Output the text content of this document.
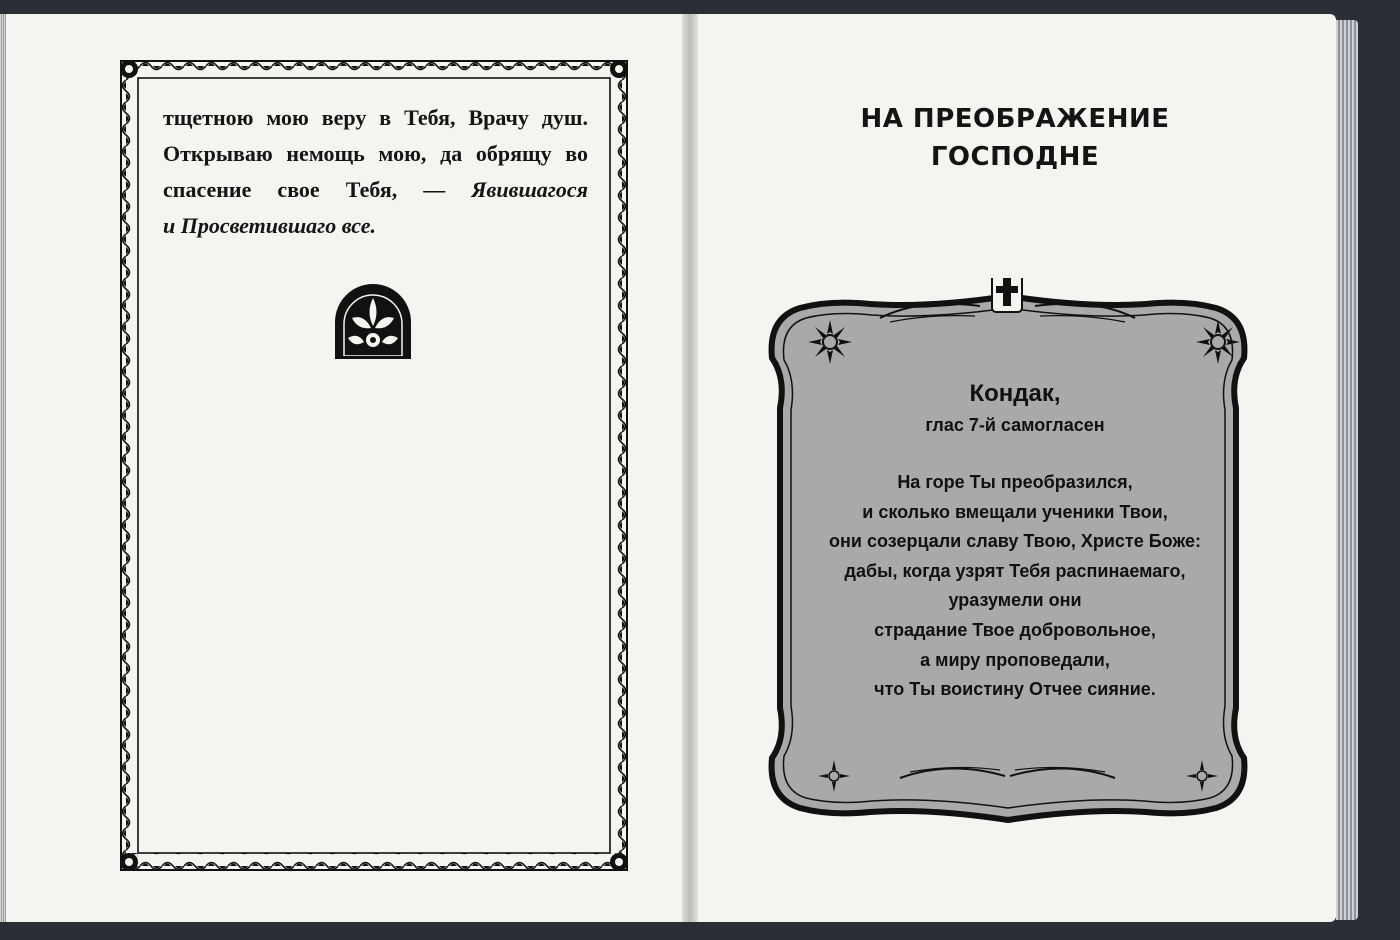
тщетною мою веру в Тебя, Врачу душ.
Открываю немощь мою, да обрящу во
спасение свое Тебя, — Явившагося
и Просветившаго все.
НА ПРЕОБРАЖЕНИЕ
ГОСПОДНЕ
Кондак,
глас 7-й самогласен
На горе Ты преобразился,
и сколько вмещали ученики Твои,
они созерцали славу Твою, Христе Боже:
дабы, когда узрят Тебя распинаемаго,
уразумели они
страдание Твое добровольное,
а миру проповедали,
что Ты воистину Отчее сияние.
